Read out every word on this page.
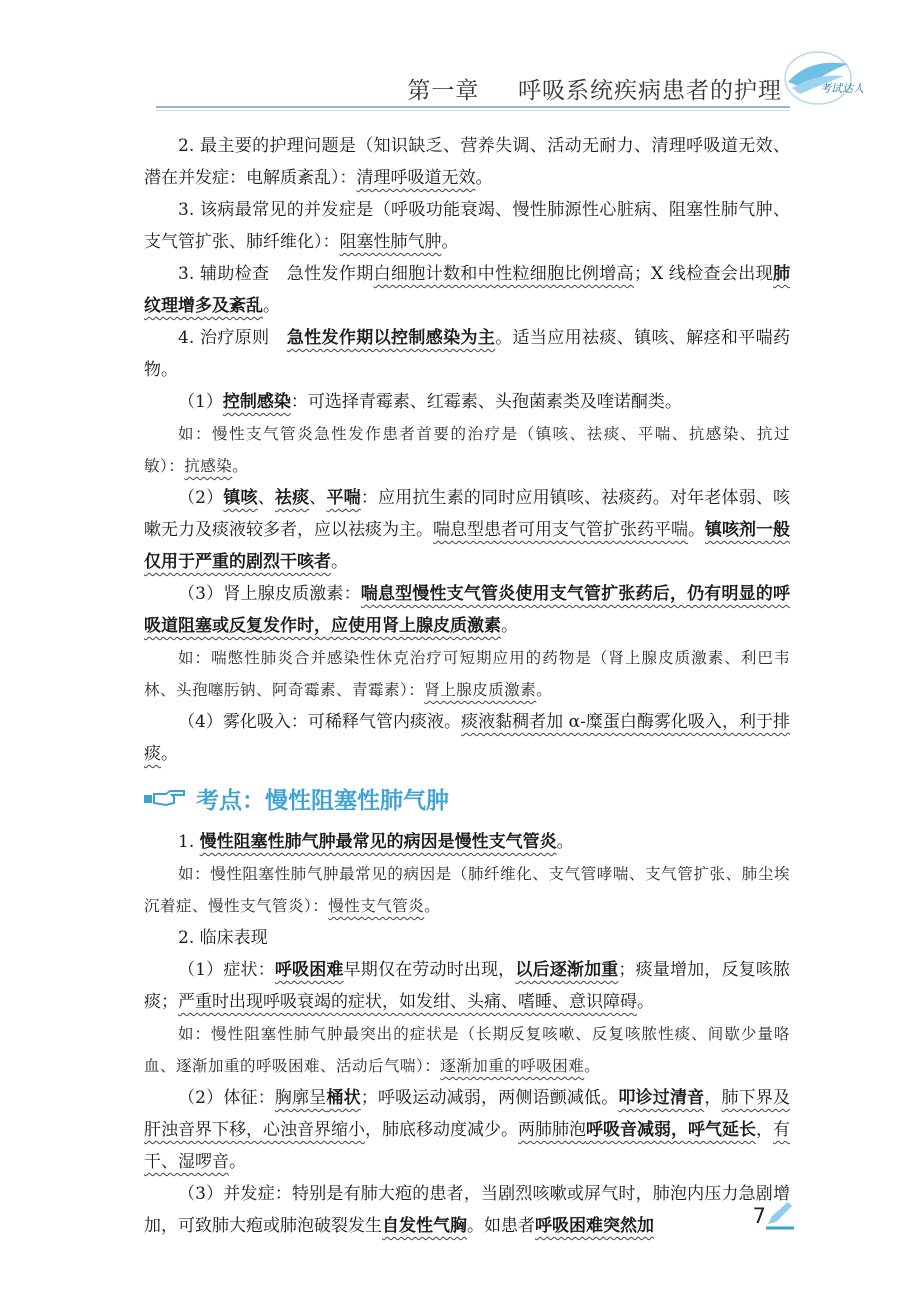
第一章 呼吸系统疾病患者的护理	考试达人

2. 最主要的护理问题是（知识缺乏、营养失调、活动无耐力、清理呼吸道无效、潜在并发症：电解质紊乱）：清理呼吸道无效。

3. 该病最常见的并发症是（呼吸功能衰竭、慢性肺源性心脏病、阻塞性肺气肿、支气管扩张、肺纤维化）：阻塞性肺气肿。

3. 辅助检查　急性发作期白细胞计数和中性粒细胞比例增高；X 线检查会出现肺纹理增多及紊乱。

4. 治疗原则　急性发作期以控制感染为主。适当应用祛痰、镇咳、解痉和平喘药物。

（1）控制感染：可选择青霉素、红霉素、头孢菌素类及喹诺酮类。

如：慢性支气管炎急性发作患者首要的治疗是（镇咳、祛痰、平喘、抗感染、抗过敏）：抗感染。

（2）镇咳、祛痰、平喘：应用抗生素的同时应用镇咳、祛痰药。对年老体弱、咳嗽无力及痰液较多者，应以祛痰为主。喘息型患者可用支气管扩张药平喘。镇咳剂一般仅用于严重的剧烈干咳者。

（3）肾上腺皮质激素：喘息型慢性支气管炎使用支气管扩张药后，仍有明显的呼吸道阻塞或反复发作时，应使用肾上腺皮质激素。

如：喘憋性肺炎合并感染性休克治疗可短期应用的药物是（肾上腺皮质激素、利巴韦林、头孢噻肟钠、阿奇霉素、青霉素）：肾上腺皮质激素。

（4）雾化吸入：可稀释气管内痰液。痰液黏稠者加 α-糜蛋白酶雾化吸入，利于排痰。

考点：慢性阻塞性肺气肿

1. 慢性阻塞性肺气肿最常见的病因是慢性支气管炎。

如：慢性阻塞性肺气肿最常见的病因是（肺纤维化、支气管哮喘、支气管扩张、肺尘埃沉着症、慢性支气管炎）：慢性支气管炎。

2. 临床表现

（1）症状：呼吸困难早期仅在劳动时出现，以后逐渐加重；痰量增加，反复咳脓痰；严重时出现呼吸衰竭的症状，如发绀、头痛、嗜睡、意识障碍。

如：慢性阻塞性肺气肿最突出的症状是（长期反复咳嗽、反复咳脓性痰、间歇少量咯血、逐渐加重的呼吸困难、活动后气喘）：逐渐加重的呼吸困难。

（2）体征：胸廓呈桶状；呼吸运动减弱，两侧语颤减低。叩诊过清音，肺下界及肝浊音界下移，心浊音界缩小，肺底移动度减少。两肺肺泡呼吸音减弱，呼气延长，有干、湿啰音。

（3）并发症：特别是有肺大疱的患者，当剧烈咳嗽或屏气时，肺泡内压力急剧增加，可致肺大疱或肺泡破裂发生自发性气胸。如患者呼吸困难突然加	7
